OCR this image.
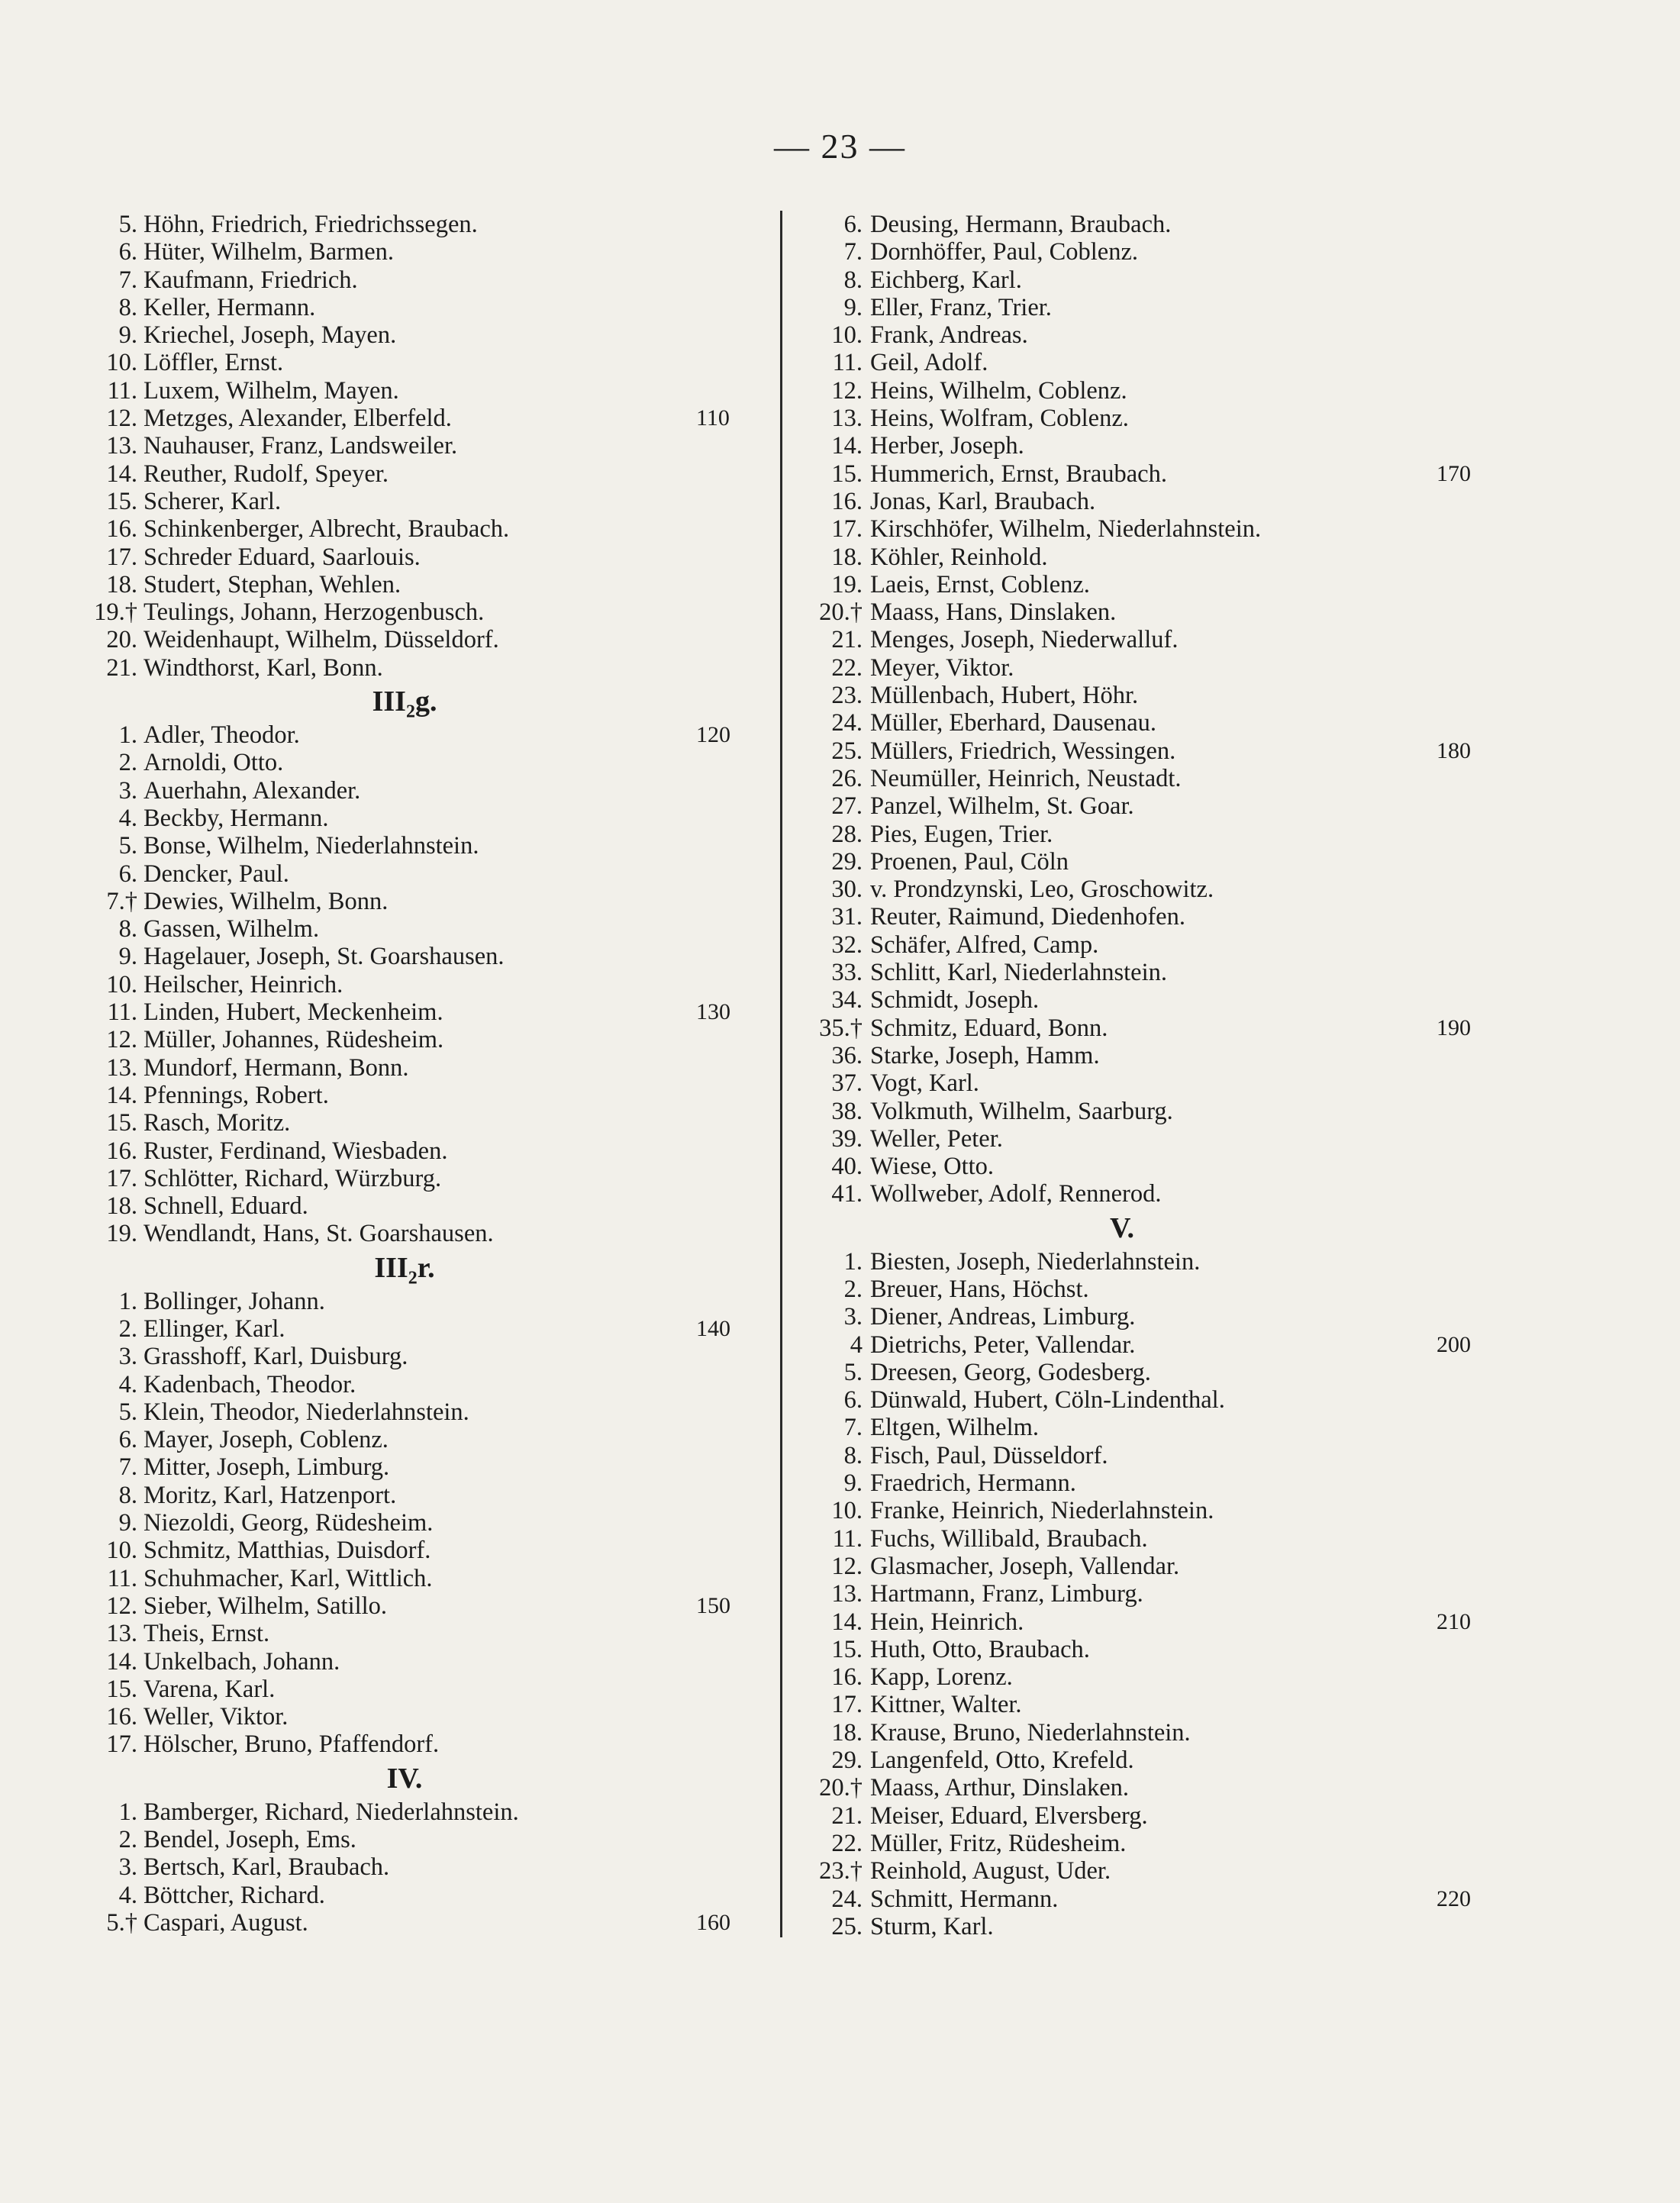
— 23 —
5. Höhn, Friedrich, Friedrichssegen.
6. Hüter, Wilhelm, Barmen.
7. Kaufmann, Friedrich.
8. Keller, Hermann.
9. Kriechel, Joseph, Mayen.
10. Löffler, Ernst.
11. Luxem, Wilhelm, Mayen.
12. Metzges, Alexander, Elberfeld.	110
13. Nauhauser, Franz, Landsweiler.
14. Reuther, Rudolf, Speyer.
15. Scherer, Karl.
16. Schinkenberger, Albrecht, Braubach.
17. Schreder Eduard, Saarlouis.
18. Studert, Stephan, Wehlen.
19.† Teulings, Johann, Herzogenbusch.
20. Weidenhaupt, Wilhelm, Düsseldorf.
21. Windthorst, Karl, Bonn.
$III_2g$.
1. Adler, Theodor.	120
2. Arnoldi, Otto.
3. Auerhahn, Alexander.
4. Beckby, Hermann.
5. Bonse, Wilhelm, Niederlahnstein.
6. Dencker, Paul.
7.† Dewies, Wilhelm, Bonn.
8. Gassen, Wilhelm.
9. Hagelauer, Joseph, St. Goarshausen.
10. Heilscher, Heinrich.
11. Linden, Hubert, Meckenheim.	130
12. Müller, Johannes, Rüdesheim.
13. Mundorf, Hermann, Bonn.
14. Pfennings, Robert.
15. Rasch, Moritz.
16. Ruster, Ferdinand, Wiesbaden.
17. Schlötter, Richard, Würzburg.
18. Schnell, Eduard.
19. Wendlandt, Hans, St. Goarshausen.
$III_2r$.
1. Bollinger, Johann.
2. Ellinger, Karl.	140
3. Grasshoff, Karl, Duisburg.
4. Kadenbach, Theodor.
5. Klein, Theodor, Niederlahnstein.
6. Mayer, Joseph, Coblenz.
7. Mitter, Joseph, Limburg.
8. Moritz, Karl, Hatzenport.
9. Niezoldi, Georg, Rüdesheim.
10. Schmitz, Matthias, Duisdorf.
11. Schuhmacher, Karl, Wittlich.
12. Sieber, Wilhelm, Satillo.	150
13. Theis, Ernst.
14. Unkelbach, Johann.
15. Varena, Karl.
16. Weller, Viktor.
17. Hölscher, Bruno, Pfaffendorf.
IV.
1. Bamberger, Richard, Niederlahnstein.
2. Bendel, Joseph, Ems.
3. Bertsch, Karl, Braubach.
4. Böttcher, Richard.
5.† Caspari, August.	160
6. Deusing, Hermann, Braubach.
7. Dornhöffer, Paul, Coblenz.
8. Eichberg, Karl.
9. Eller, Franz, Trier.
10. Frank, Andreas.
11. Geil, Adolf.
12. Heins, Wilhelm, Coblenz.
13. Heins, Wolfram, Coblenz.
14. Herber, Joseph.
15. Hummerich, Ernst, Braubach.	170
16. Jonas, Karl, Braubach.
17. Kirschhöfer, Wilhelm, Niederlahnstein.
18. Köhler, Reinhold.
19. Laeis, Ernst, Coblenz.
20.† Maass, Hans, Dinslaken.
21. Menges, Joseph, Niederwalluf.
22. Meyer, Viktor.
23. Müllenbach, Hubert, Höhr.
24. Müller, Eberhard, Dausenau.
25. Müllers, Friedrich, Wessingen.	180
26. Neumüller, Heinrich, Neustadt.
27. Panzel, Wilhelm, St. Goar.
28. Pies, Eugen, Trier.
29. Proenen, Paul, Cöln
30. v. Prondzynski, Leo, Groschowitz.
31. Reuter, Raimund, Diedenhofen.
32. Schäfer, Alfred, Camp.
33. Schlitt, Karl, Niederlahnstein.
34. Schmidt, Joseph.
35.† Schmitz, Eduard, Bonn.	190
36. Starke, Joseph, Hamm.
37. Vogt, Karl.
38. Volkmuth, Wilhelm, Saarburg.
39. Weller, Peter.
40. Wiese, Otto.
41. Wollweber, Adolf, Rennerod.
V.
1. Biesten, Joseph, Niederlahnstein.
2. Breuer, Hans, Höchst.
3. Diener, Andreas, Limburg.
4 Dietrichs, Peter, Vallendar.	200
5. Dreesen, Georg, Godesberg.
6. Dünwald, Hubert, Cöln-Lindenthal.
7. Eltgen, Wilhelm.
8. Fisch, Paul, Düsseldorf.
9. Fraedrich, Hermann.
10. Franke, Heinrich, Niederlahnstein.
11. Fuchs, Willibald, Braubach.
12. Glasmacher, Joseph, Vallendar.
13. Hartmann, Franz, Limburg.
14. Hein, Heinrich.	210
15. Huth, Otto, Braubach.
16. Kapp, Lorenz.
17. Kittner, Walter.
18. Krause, Bruno, Niederlahnstein.
29. Langenfeld, Otto, Krefeld.
20.† Maass, Arthur, Dinslaken.
21. Meiser, Eduard, Elversberg.
22. Müller, Fritz, Rüdesheim.
23.† Reinhold, August, Uder.
24. Schmitt, Hermann.	220
25. Sturm, Karl.
